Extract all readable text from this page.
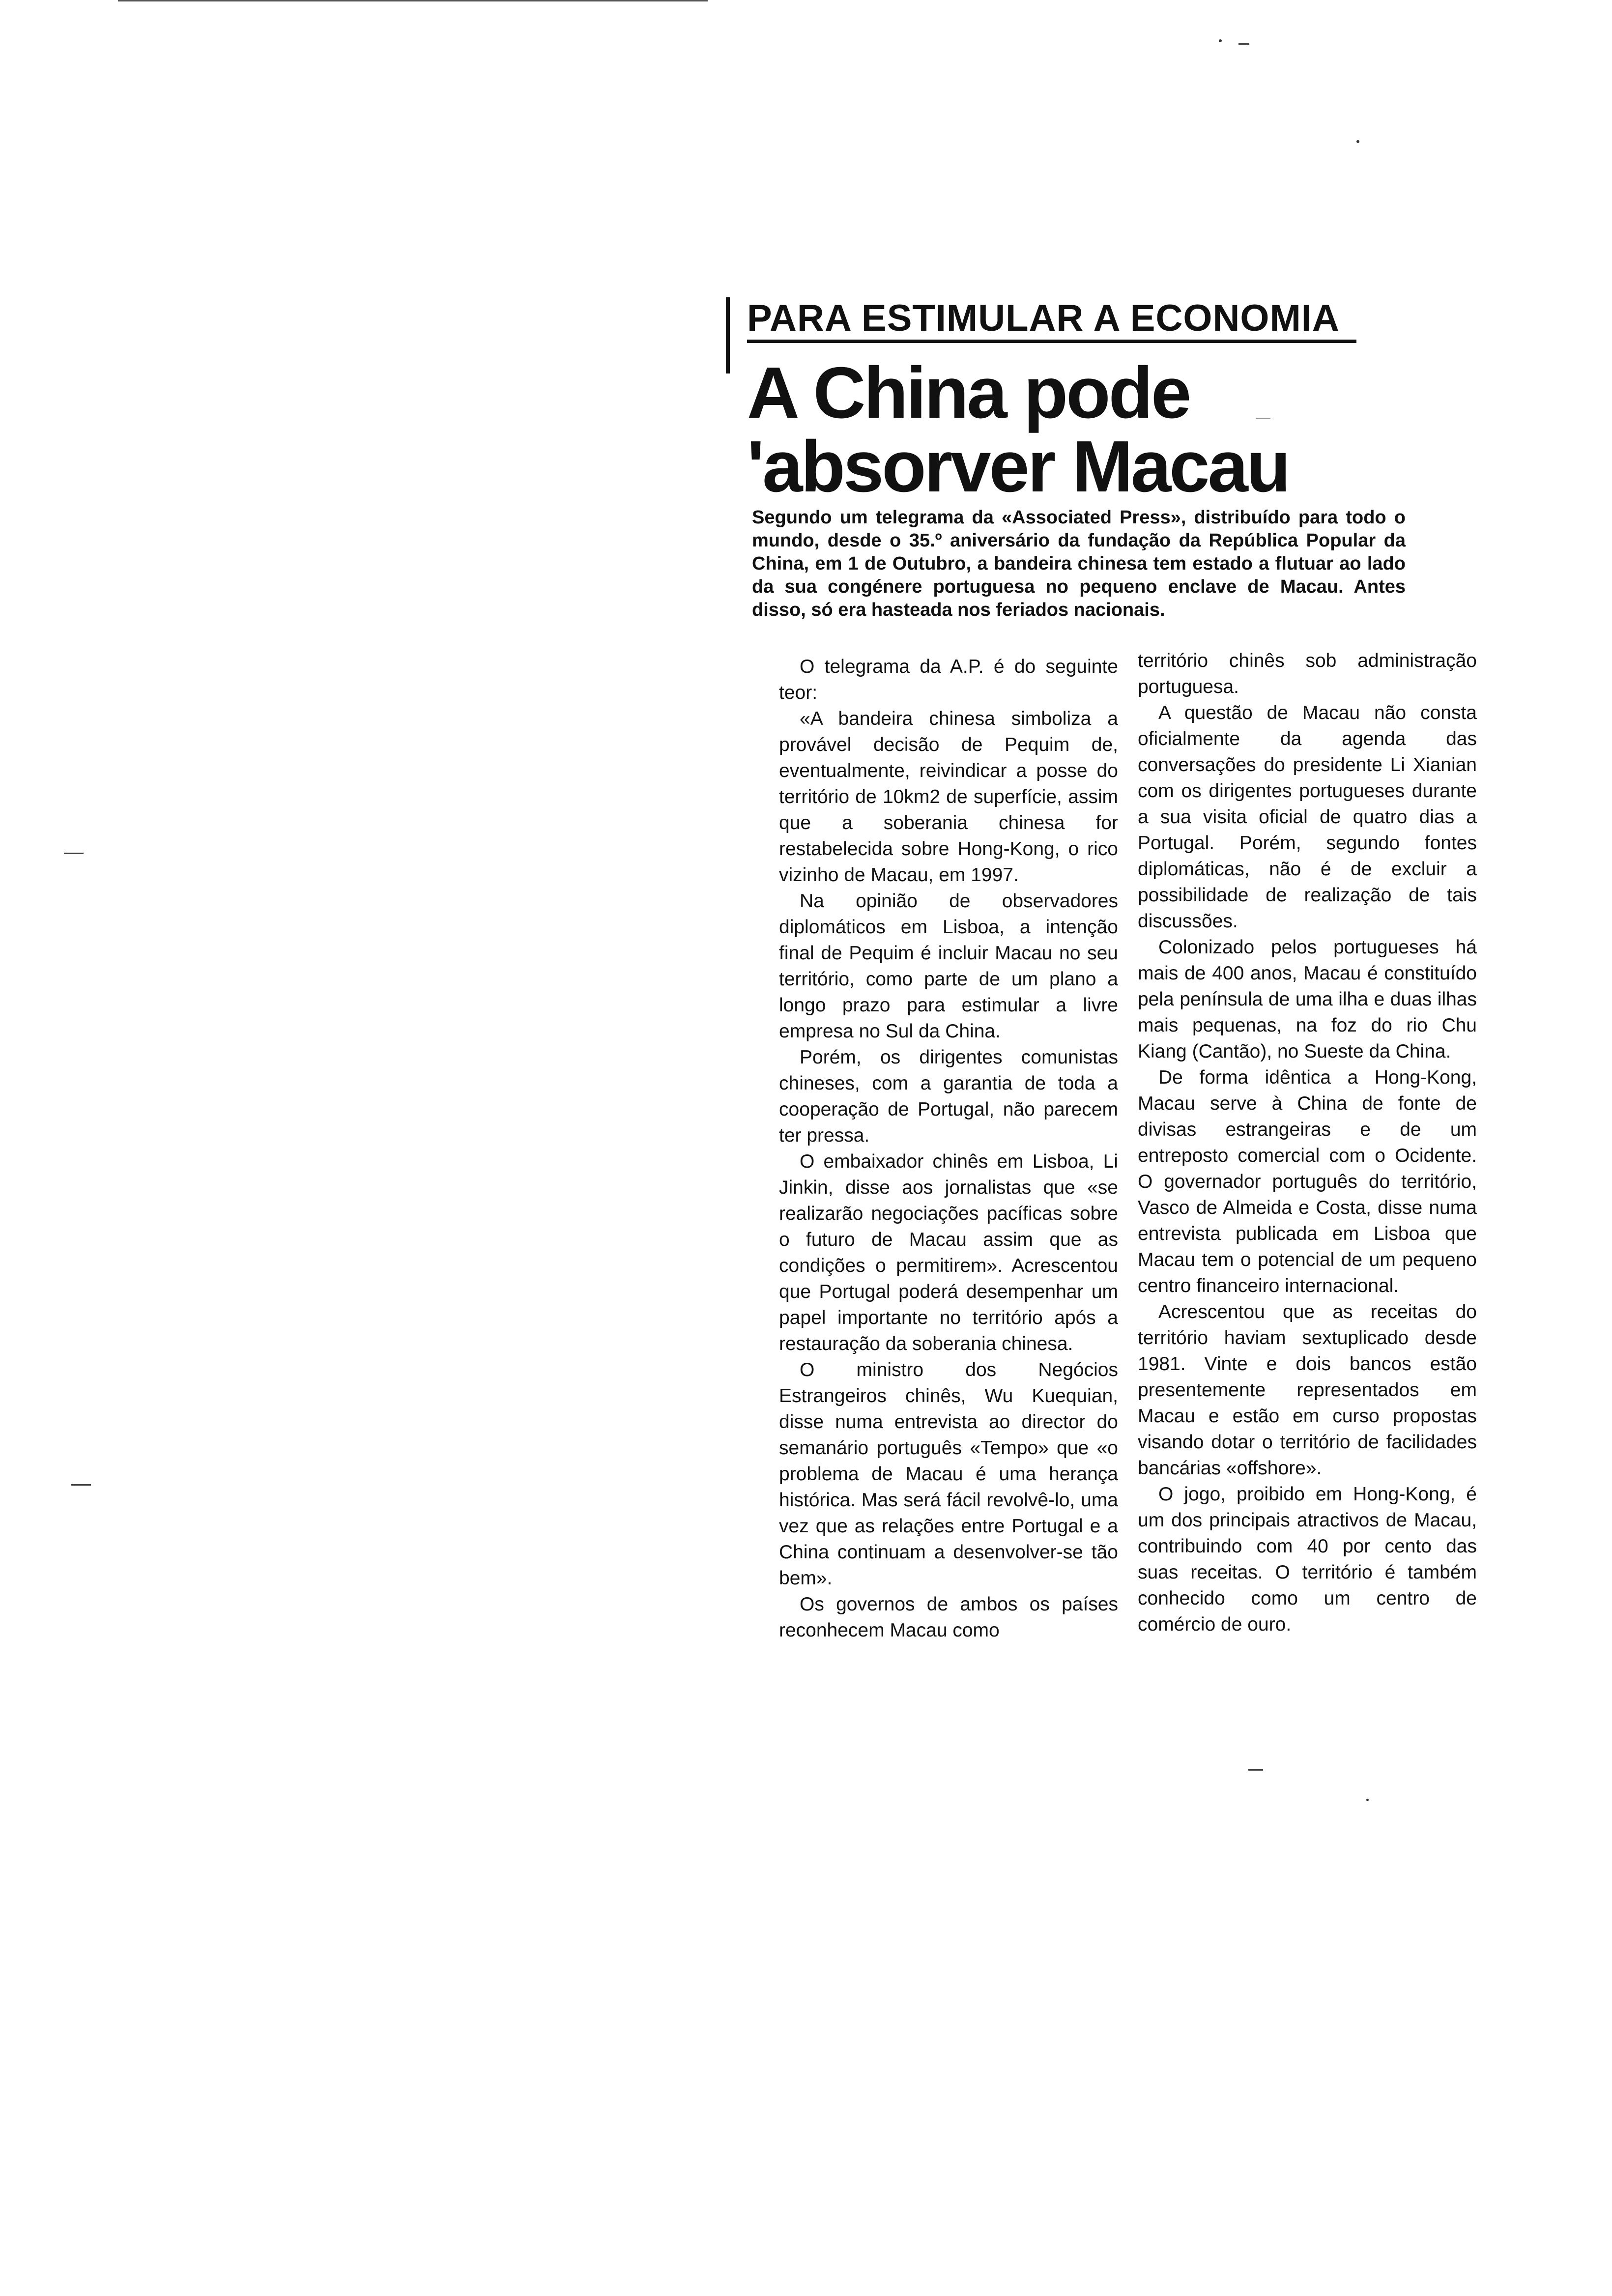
PARA ESTIMULAR A ECONOMIA
A China pode
'absorver Macau
Segundo um telegrama da «Associated Press», distribuído para todo o mundo, desde o 35.º aniversário da fundação da República Popular da China, em 1 de Outubro, a bandeira chinesa tem estado a flutuar ao lado da sua congénere portuguesa no pequeno enclave de Macau. Antes disso, só era hasteada nos feriados nacionais.

O telegrama da A.P. é do seguinte teor:

«A bandeira chinesa simboliza a provável decisão de Pequim de, eventualmente, reivindicar a posse do território de 10km2 de superfície, assim que a soberania chinesa for restabelecida sobre Hong-Kong, o rico vizinho de Macau, em 1997.

Na opinião de observadores diplomáticos em Lisboa, a intenção final de Pequim é incluir Macau no seu território, como parte de um plano a longo prazo para estimular a livre empresa no Sul da China.

Porém, os dirigentes comunistas chineses, com a garantia de toda a cooperação de Portugal, não parecem ter pressa.

O embaixador chinês em Lisboa, Li Jinkin, disse aos jornalistas que «se realizarão negociações pacíficas sobre o futuro de Macau assim que as condições o permitirem». Acrescentou que Portugal poderá desempenhar um papel importante no território após a restauração da soberania chinesa.

O ministro dos Negócios Estrangeiros chinês, Wu Kuequian, disse numa entrevista ao director do semanário português «Tempo» que «o problema de Macau é uma herança histórica. Mas será fácil revolvê-lo, uma vez que as relações entre Portugal e a China continuam a desenvolver-se tão bem».

Os governos de ambos os países reconhecem Macau como

território chinês sob administração portuguesa.

A questão de Macau não consta oficialmente da agenda das conversações do presidente Li Xianian com os dirigentes portugueses durante a sua visita oficial de quatro dias a Portugal. Porém, segundo fontes diplomáticas, não é de excluir a possibilidade de realização de tais discussões.

Colonizado pelos portugueses há mais de 400 anos, Macau é constituído pela península de uma ilha e duas ilhas mais pequenas, na foz do rio Chu Kiang (Cantão), no Sueste da China.

De forma idêntica a Hong-Kong, Macau serve à China de fonte de divisas estrangeiras e de um entreposto comercial com o Ocidente. O governador português do território, Vasco de Almeida e Costa, disse numa entrevista publicada em Lisboa que Macau tem o potencial de um pequeno centro financeiro internacional.

Acrescentou que as receitas do território haviam sextuplicado desde 1981. Vinte e dois bancos estão presentemente representados em Macau e estão em curso propostas visando dotar o território de facilidades bancárias «offshore».

O jogo, proibido em Hong-Kong, é um dos principais atractivos de Macau, contribuindo com 40 por cento das suas receitas. O território é também conhecido como um centro de comércio de ouro.
